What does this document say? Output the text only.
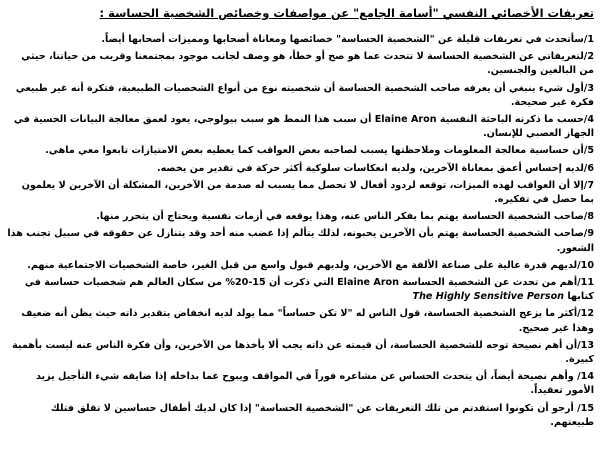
تعريفات الأخصائي النفسي "أسامة الجامع" عن مواصفات وخصائص الشخصية الحساسة :
1/سأتحدث في تعريفات قليلة عن "الشخصية الحساسة" خصائصها ومعاناة أصحابها ومميزات أصحابها أيضاً.
2/لتعريفاتي عن الشخصية الحساسة لا تتحدث عما هو صح أو خطأ، هو وصف لجانب موجود بمجتمعنا وقريب من حياتنا، حيثي من البالغين والجنسين.
3/أول شيء ينبغي أن يعرفه صاحب الشخصية الحساسة أن شخصيته نوع من أنواع الشخصيات الطبيعية، فتكرة أنه غير طبيعي فكرة غير صحيحة.
4/حسب ما ذكرته الباحثة النفسية Elaine Aron أن سبب هذا النمط هو سبب بيولوجي، يعود لعمق معالجة البيانات الحسية في الجهاز العصبي للإنسان.
5/أن حساسية معالجة المعلومات وملاحظتها يسبب لصاحبه بعض العواقب كما يعطيه بعض الامتيازات تابعوا معي ماهي.
6/لديه إحساس أعمق بمعاناة الآخرين، ولديه انعكاسات سلوكية أكثر حركة في تقدير من يخصه.
7/إلا أن العواقب لهذه الميزات، توقعه لردود أفعال لا تحصل مما يسبب له صدمة من الآخرين، المشكلة أن الآخرين لا يعلمون بما حصل في تفكيره.
8/صاحب الشخصية الحساسة يهتم بما يفكر الناس عنه، وهذا يوقعه في أزمات نفسية ويحتاج أن يتحرر منها.
9/صاحب الشخصية الحساسة يهتم بأن الآخرين يحبونه، لذلك يتألم إذا غضب منه أحد وقد يتنازل عن حقوقه في سبيل تجنب هذا الشعور.
10/لديهم قدرة عالية على صناعة الألفة مع الآخرين، ولديهم قبول واسع من قبل الغير، خاصة الشخصيات الاجتماعية منهم.
11/أهم من تحدث عن الشخصية الحساسة Elaine Aron التي ذكرت أن 15-20% من سكان العالم هم شخصيات حساسة في كتابها The Highly Sensitive Person
12/أكثر ما يزعج الشخصية الحساسة، قول الناس له "لا تكن حساساً" مما يولد لديه انخفاض بتقدير ذاته حيث يظن أنه ضعيف وهذا غير صحيح.
13/أن أهم نصيحة توجه للشخصية الحساسة، أن قيمته عن ذاته يجب ألا يأخذها من الآخرين، وأن فكرة الناس عنه ليست بأهمية كبيرة.
14/ وأهم نصيحة أيضاً، أن يتحدث الحساس عن مشاعره فوراً في المواقف ويبوح عما بداخله إذا ضايقه شيء التأجيل يزيد الأمور تعقيداً.
15/ أرجو أن تكونوا استفدتم من تلك التعريفات عن "الشخصية الحساسة" إذا كان لديك أطفال حساسين لا تقلق فتلك طبيعتهم.
